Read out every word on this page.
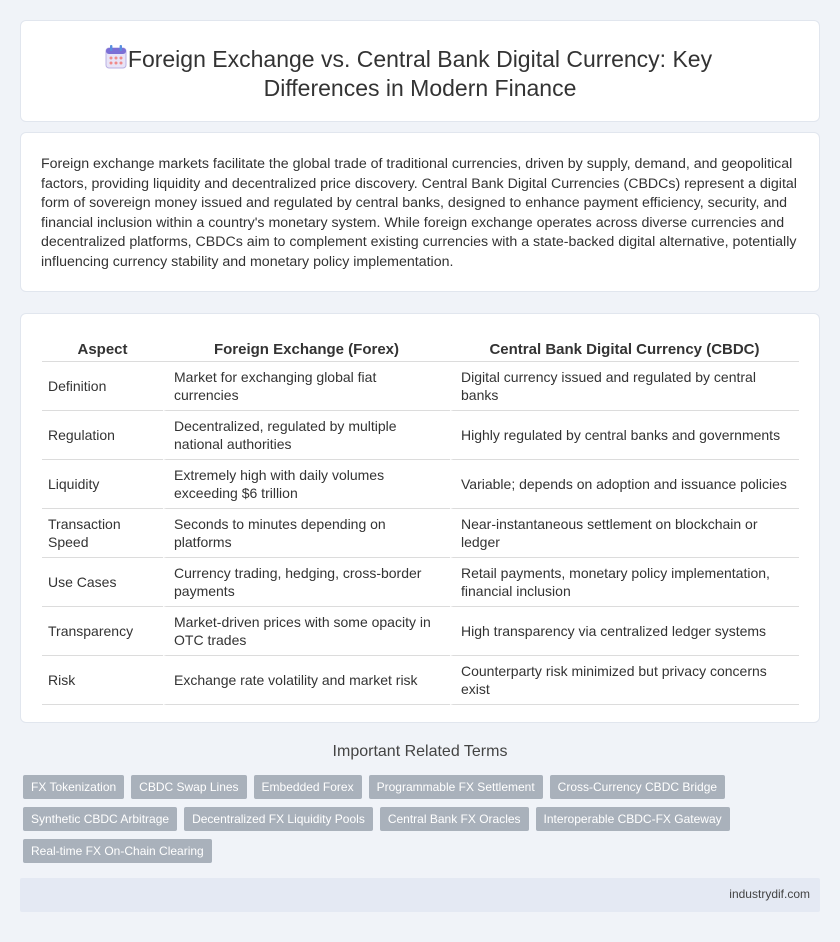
Foreign Exchange vs. Central Bank Digital Currency: Key Differences in Modern Finance

Foreign exchange markets facilitate the global trade of traditional currencies, driven by supply, demand, and geopolitical factors, providing liquidity and decentralized price discovery. Central Bank Digital Currencies (CBDCs) represent a digital form of sovereign money issued and regulated by central banks, designed to enhance payment efficiency, security, and financial inclusion within a country's monetary system. While foreign exchange operates across diverse currencies and decentralized platforms, CBDCs aim to complement existing currencies with a state-backed digital alternative, potentially influencing currency stability and monetary policy implementation.

Aspect	Foreign Exchange (Forex)	Central Bank Digital Currency (CBDC)
Definition	Market for exchanging global fiat currencies	Digital currency issued and regulated by central banks
Regulation	Decentralized, regulated by multiple national authorities	Highly regulated by central banks and governments
Liquidity	Extremely high with daily volumes exceeding $6 trillion	Variable; depends on adoption and issuance policies
Transaction Speed	Seconds to minutes depending on platforms	Near-instantaneous settlement on blockchain or ledger
Use Cases	Currency trading, hedging, cross-border payments	Retail payments, monetary policy implementation, financial inclusion
Transparency	Market-driven prices with some opacity in OTC trades	High transparency via centralized ledger systems
Risk	Exchange rate volatility and market risk	Counterparty risk minimized but privacy concerns exist
Important Related Terms
FX Tokenization	CBDC Swap Lines	Embedded Forex	Programmable FX Settlement	Cross-Currency CBDC Bridge
Synthetic CBDC Arbitrage	Decentralized FX Liquidity Pools	Central Bank FX Oracles	Interoperable CBDC-FX Gateway
Real-time FX On-Chain Clearing
industrydif.com
